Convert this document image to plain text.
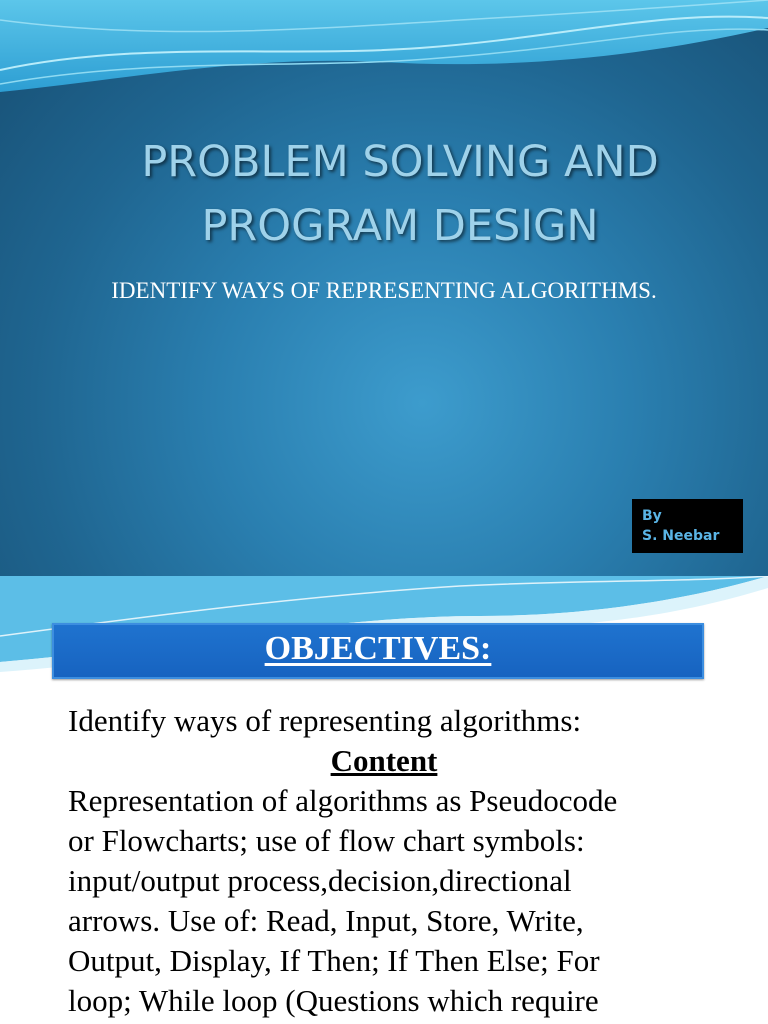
PROBLEM SOLVING AND
PROGRAM DESIGN
IDENTIFY WAYS OF REPRESENTING ALGORITHMS.
By
S. Neebar
OBJECTIVES:
Identify ways of representing algorithms:
Content
Representation of algorithms as Pseudocode
or Flowcharts; use of flow chart symbols:
input/output process,decision,directional
arrows. Use of: Read, Input, Store, Write,
Output, Display, If Then; If Then Else; For
loop; While loop (Questions which require
